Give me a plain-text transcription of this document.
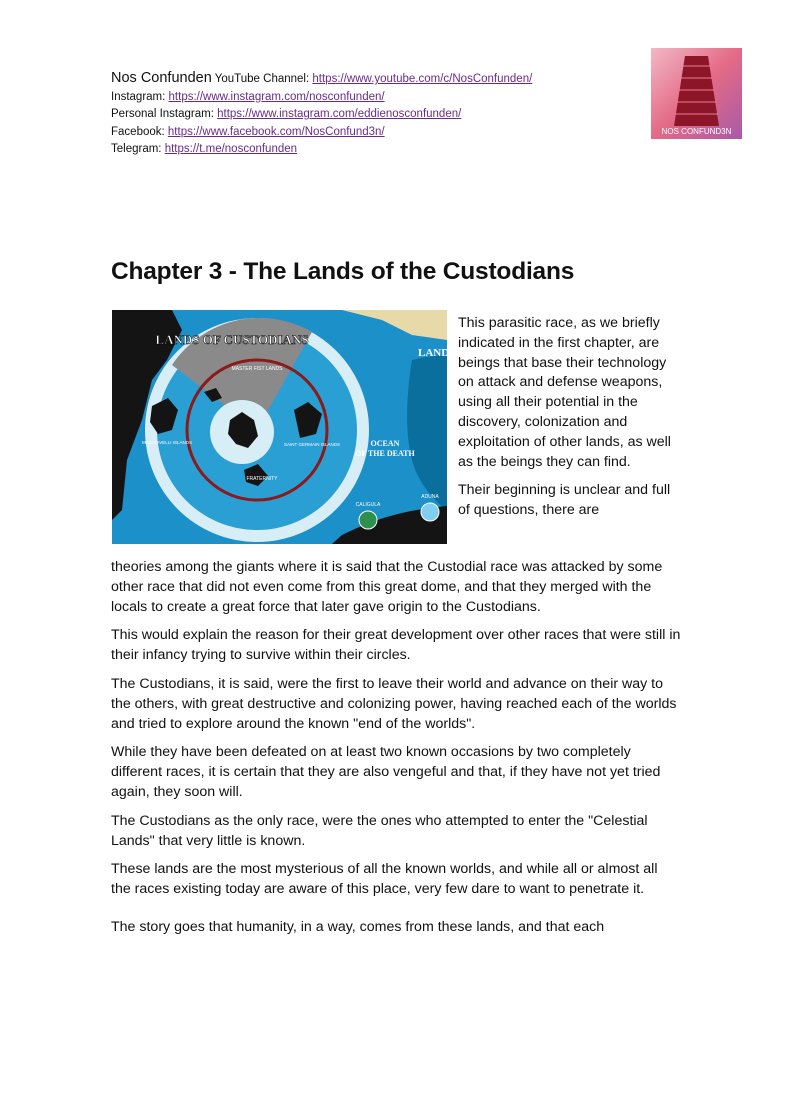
Nos Confunden YouTube Channel: https://www.youtube.com/c/NosConfunden/
Instagram: https://www.instagram.com/nosconfunden/
Personal Instagram: https://www.instagram.com/eddienosconfunden/
Facebook: https://www.facebook.com/NosConfund3n/
Telegram: https://t.me/nosconfunden
NOS CONFUND3N
Chapter 3 - The Lands of the Custodians
LANDS OF CUSTODIANS
MASTER FIST LANDS
MACHIAVELLI ISLANDS	SAINT GERMAIN ISLANDS
FRATERNITY
LANDS
OCEAN
OF THE DEATH
CALIGULA
ADUNA

This parasitic race, as we briefly indicated in the first chapter, are beings that base their technology on attack and defense weapons, using all their potential in the discovery, colonization and exploitation of other lands, as well as the beings they can find.

Their beginning is unclear and full of questions, there are

theories among the giants where it is said that the Custodial race was attacked by some other race that did not even come from this great dome, and that they merged with the locals to create a great force that later gave origin to the Custodians.

This would explain the reason for their great development over other races that were still in their infancy trying to survive within their circles.

The Custodians, it is said, were the first to leave their world and advance on their way to the others, with great destructive and colonizing power, having reached each of the worlds and tried to explore around the known "end of the worlds".

While they have been defeated on at least two known occasions by two completely different races, it is certain that they are also vengeful and that, if they have not yet tried again, they soon will.

The Custodians as the only race, were the ones who attempted to enter the "Celestial Lands" that very little is known.

These lands are the most mysterious of all the known worlds, and while all or almost all the races existing today are aware of this place, very few dare to want to penetrate it.

The story goes that humanity, in a way, comes from these lands, and that each
